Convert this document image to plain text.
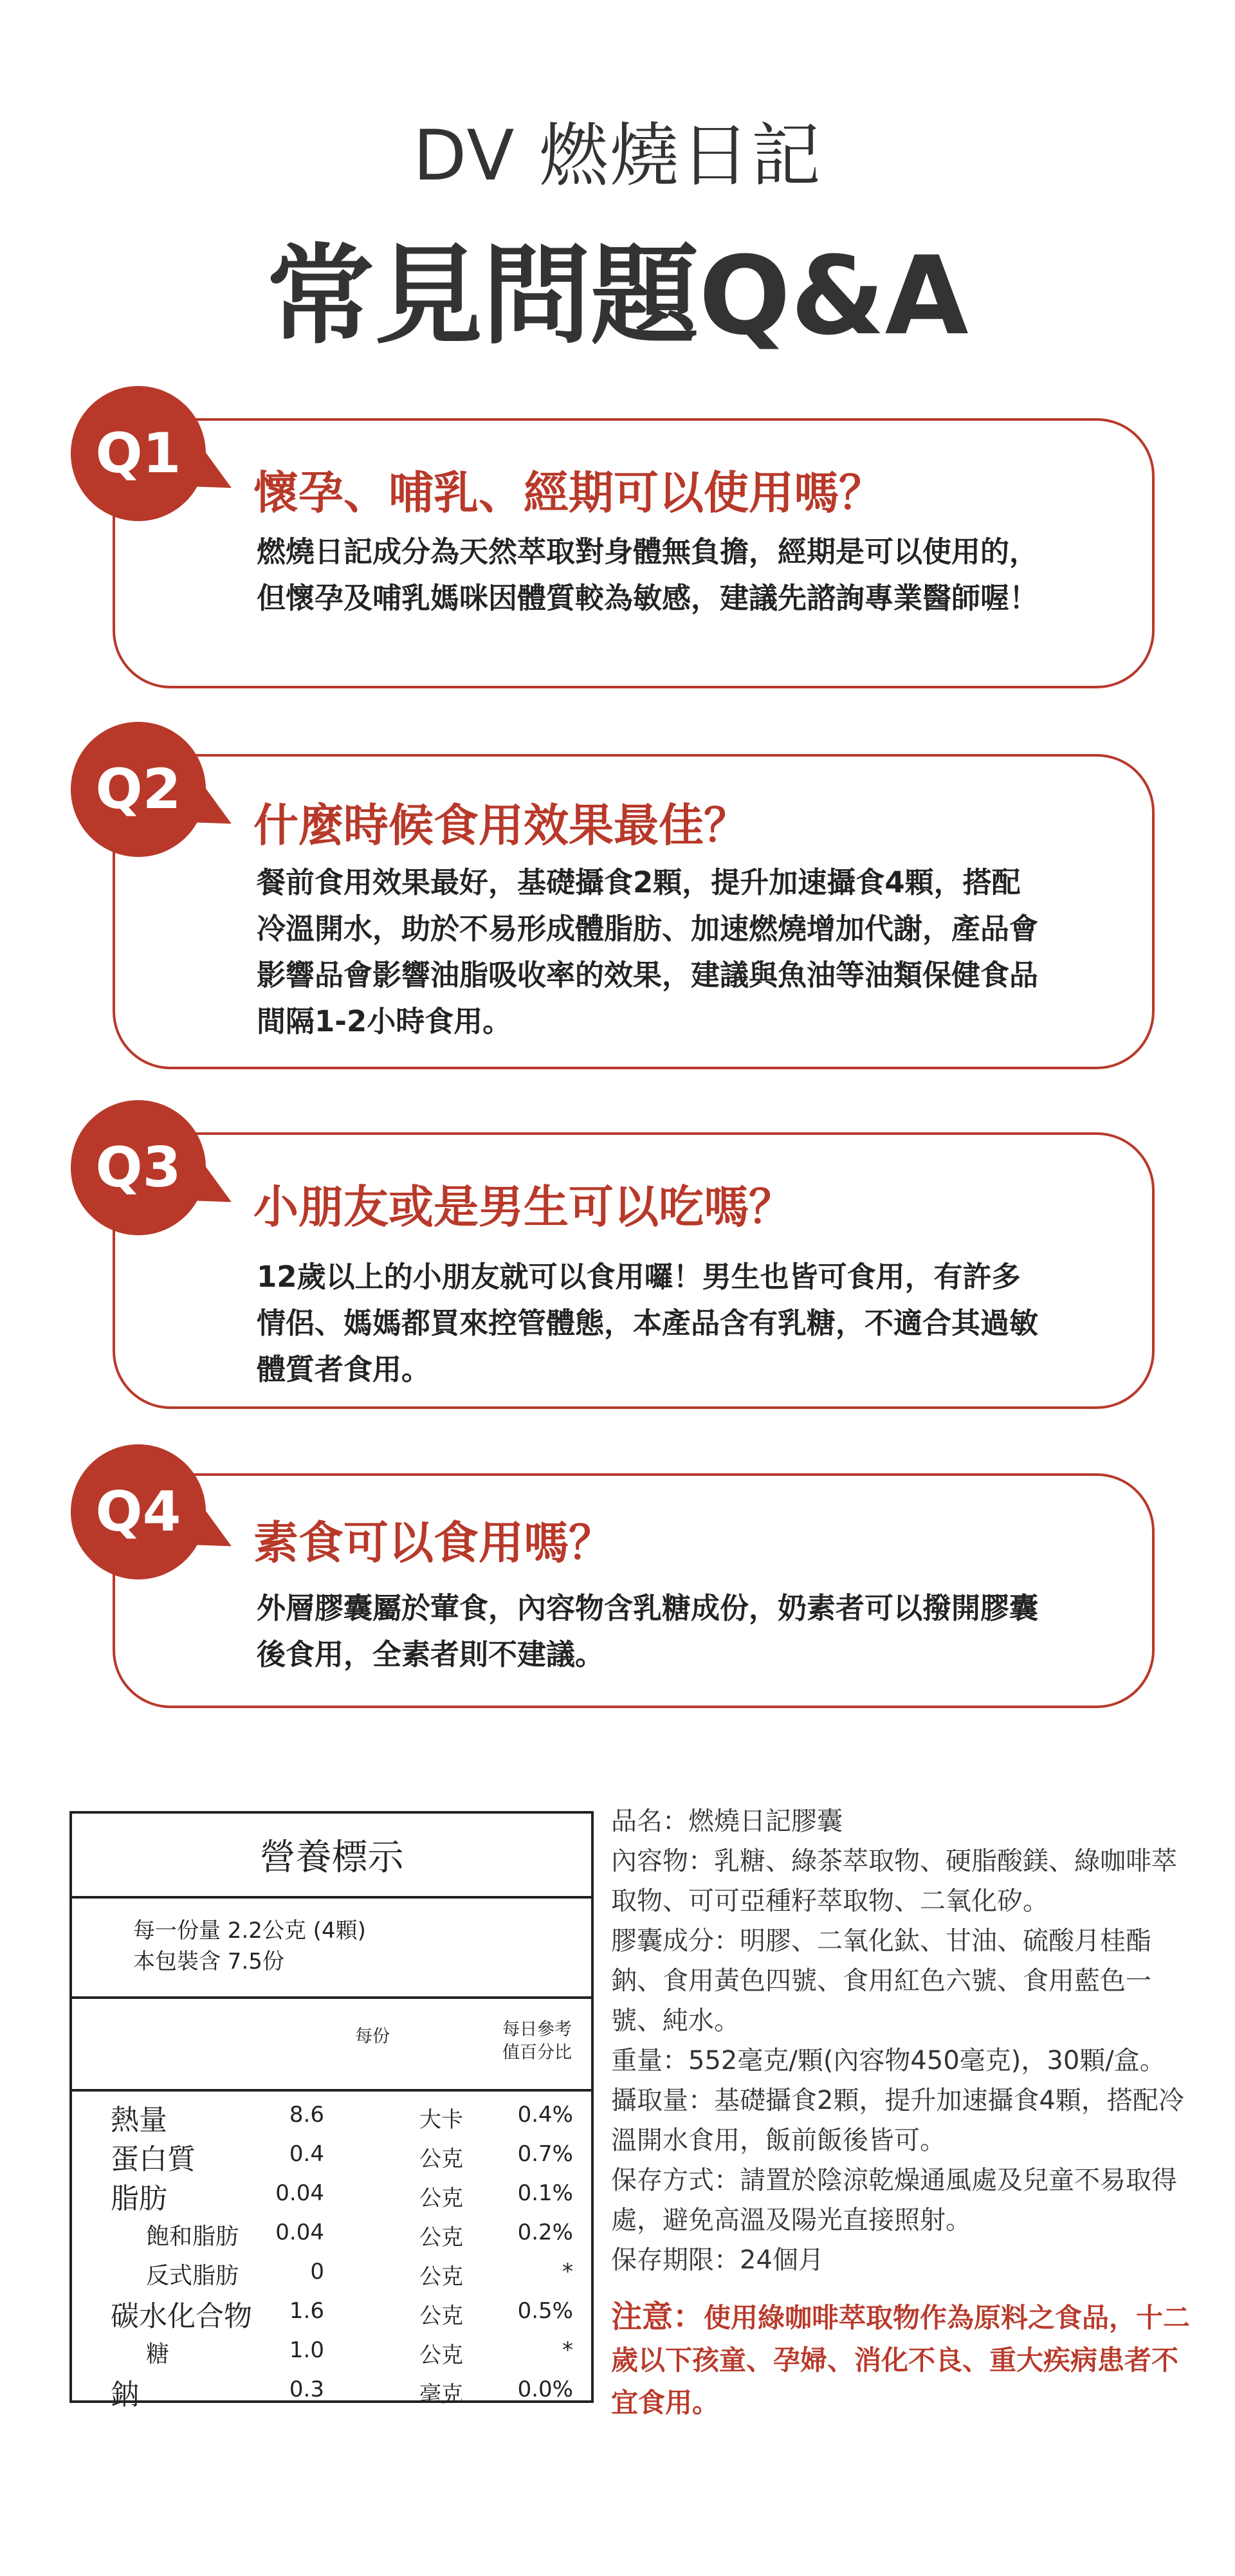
DV 燃燒日記
常見問題Q&A
懷孕、哺乳、經期可以使用嗎？
燃燒日記成分為天然萃取對身體無負擔，經期是可以使用的，但懷孕及哺乳媽咪因體質較為敏感，建議先諮詢專業醫師喔！
Q1
什麼時候食用效果最佳？
餐前食用效果最好，基礎攝食2顆，提升加速攝食4顆，搭配冷溫開水，助於不易形成體脂肪、加速燃燒增加代謝，產品會影響品會影響油脂吸收率的效果，建議與魚油等油類保健食品間隔1-2小時食用。
Q2
小朋友或是男生可以吃嗎？
12歲以上的小朋友就可以食用囉！男生也皆可食用，有許多情侶、媽媽都買來控管體態，本產品含有乳糖，不適合其過敏體質者食用。
Q3
素食可以食用嗎？
外層膠囊屬於葷食，內容物含乳糖成份，奶素者可以撥開膠囊後食用，全素者則不建議。
Q4
營養標示
每一份量 2.2公克 (4顆)
本包裝含 7.5份
每份	每日參考
值百分比
熱量	8.6	大卡 0.4%
蛋白質	0.4	公克 0.7%
脂肪	0.04	公克 0.1%
飽和脂肪 0.04	公克 0.2%
反式脂肪	0	公克	*
碳水化合物 1.6	公克 0.5%
糖	1.0	公克	*
鈉	0.3	毫克 0.0%

品名：燃燒日記膠囊

內容物：乳糖、綠茶萃取物、硬脂酸鎂、綠咖啡萃取物、可可亞種籽萃取物、二氧化矽。

膠囊成分：明膠、二氧化鈦、甘油、硫酸月桂酯鈉、食用黃色四號、食用紅色六號、食用藍色一號、純水。

重量：552毫克/顆(內容物450毫克)，30顆/盒。

攝取量：基礎攝食2顆，提升加速攝食4顆，搭配冷溫開水食用，飯前飯後皆可。

保存方式：請置於陰涼乾燥通風處及兒童不易取得處，避免高溫及陽光直接照射。

保存期限：24個月

注意：使用綠咖啡萃取物作為原料之食品，十二歲以下孩童、孕婦、消化不良、重大疾病患者不宜食用。
